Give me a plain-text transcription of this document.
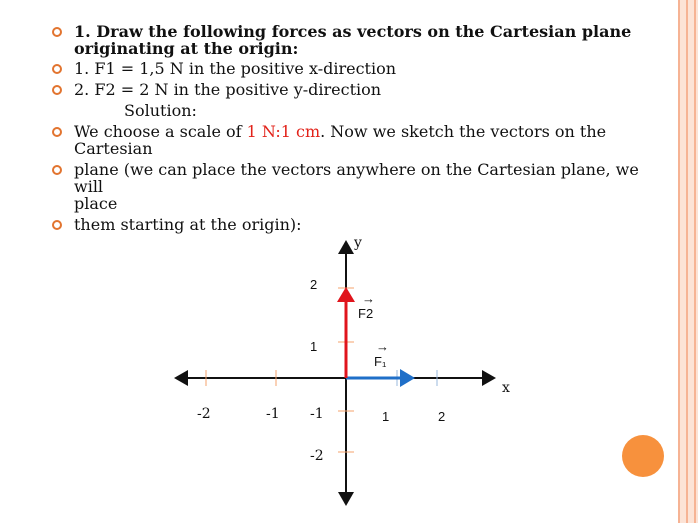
1. Draw the following forces as vectors on the Cartesian plane
originating at the origin:
1. F1 = 1,5 N in the positive x-direction
2. F2 = 2 N in the positive y-direction
Solution:
We choose a scale of 1 N:1 cm. Now we sketch the vectors on the Cartesian
plane (we can place the vectors anywhere on the Cartesian plane, we will
place
them starting at the origin):
y
x
-2	-1	1	2
2
1
-1
-2
→
F2
→
F₁
